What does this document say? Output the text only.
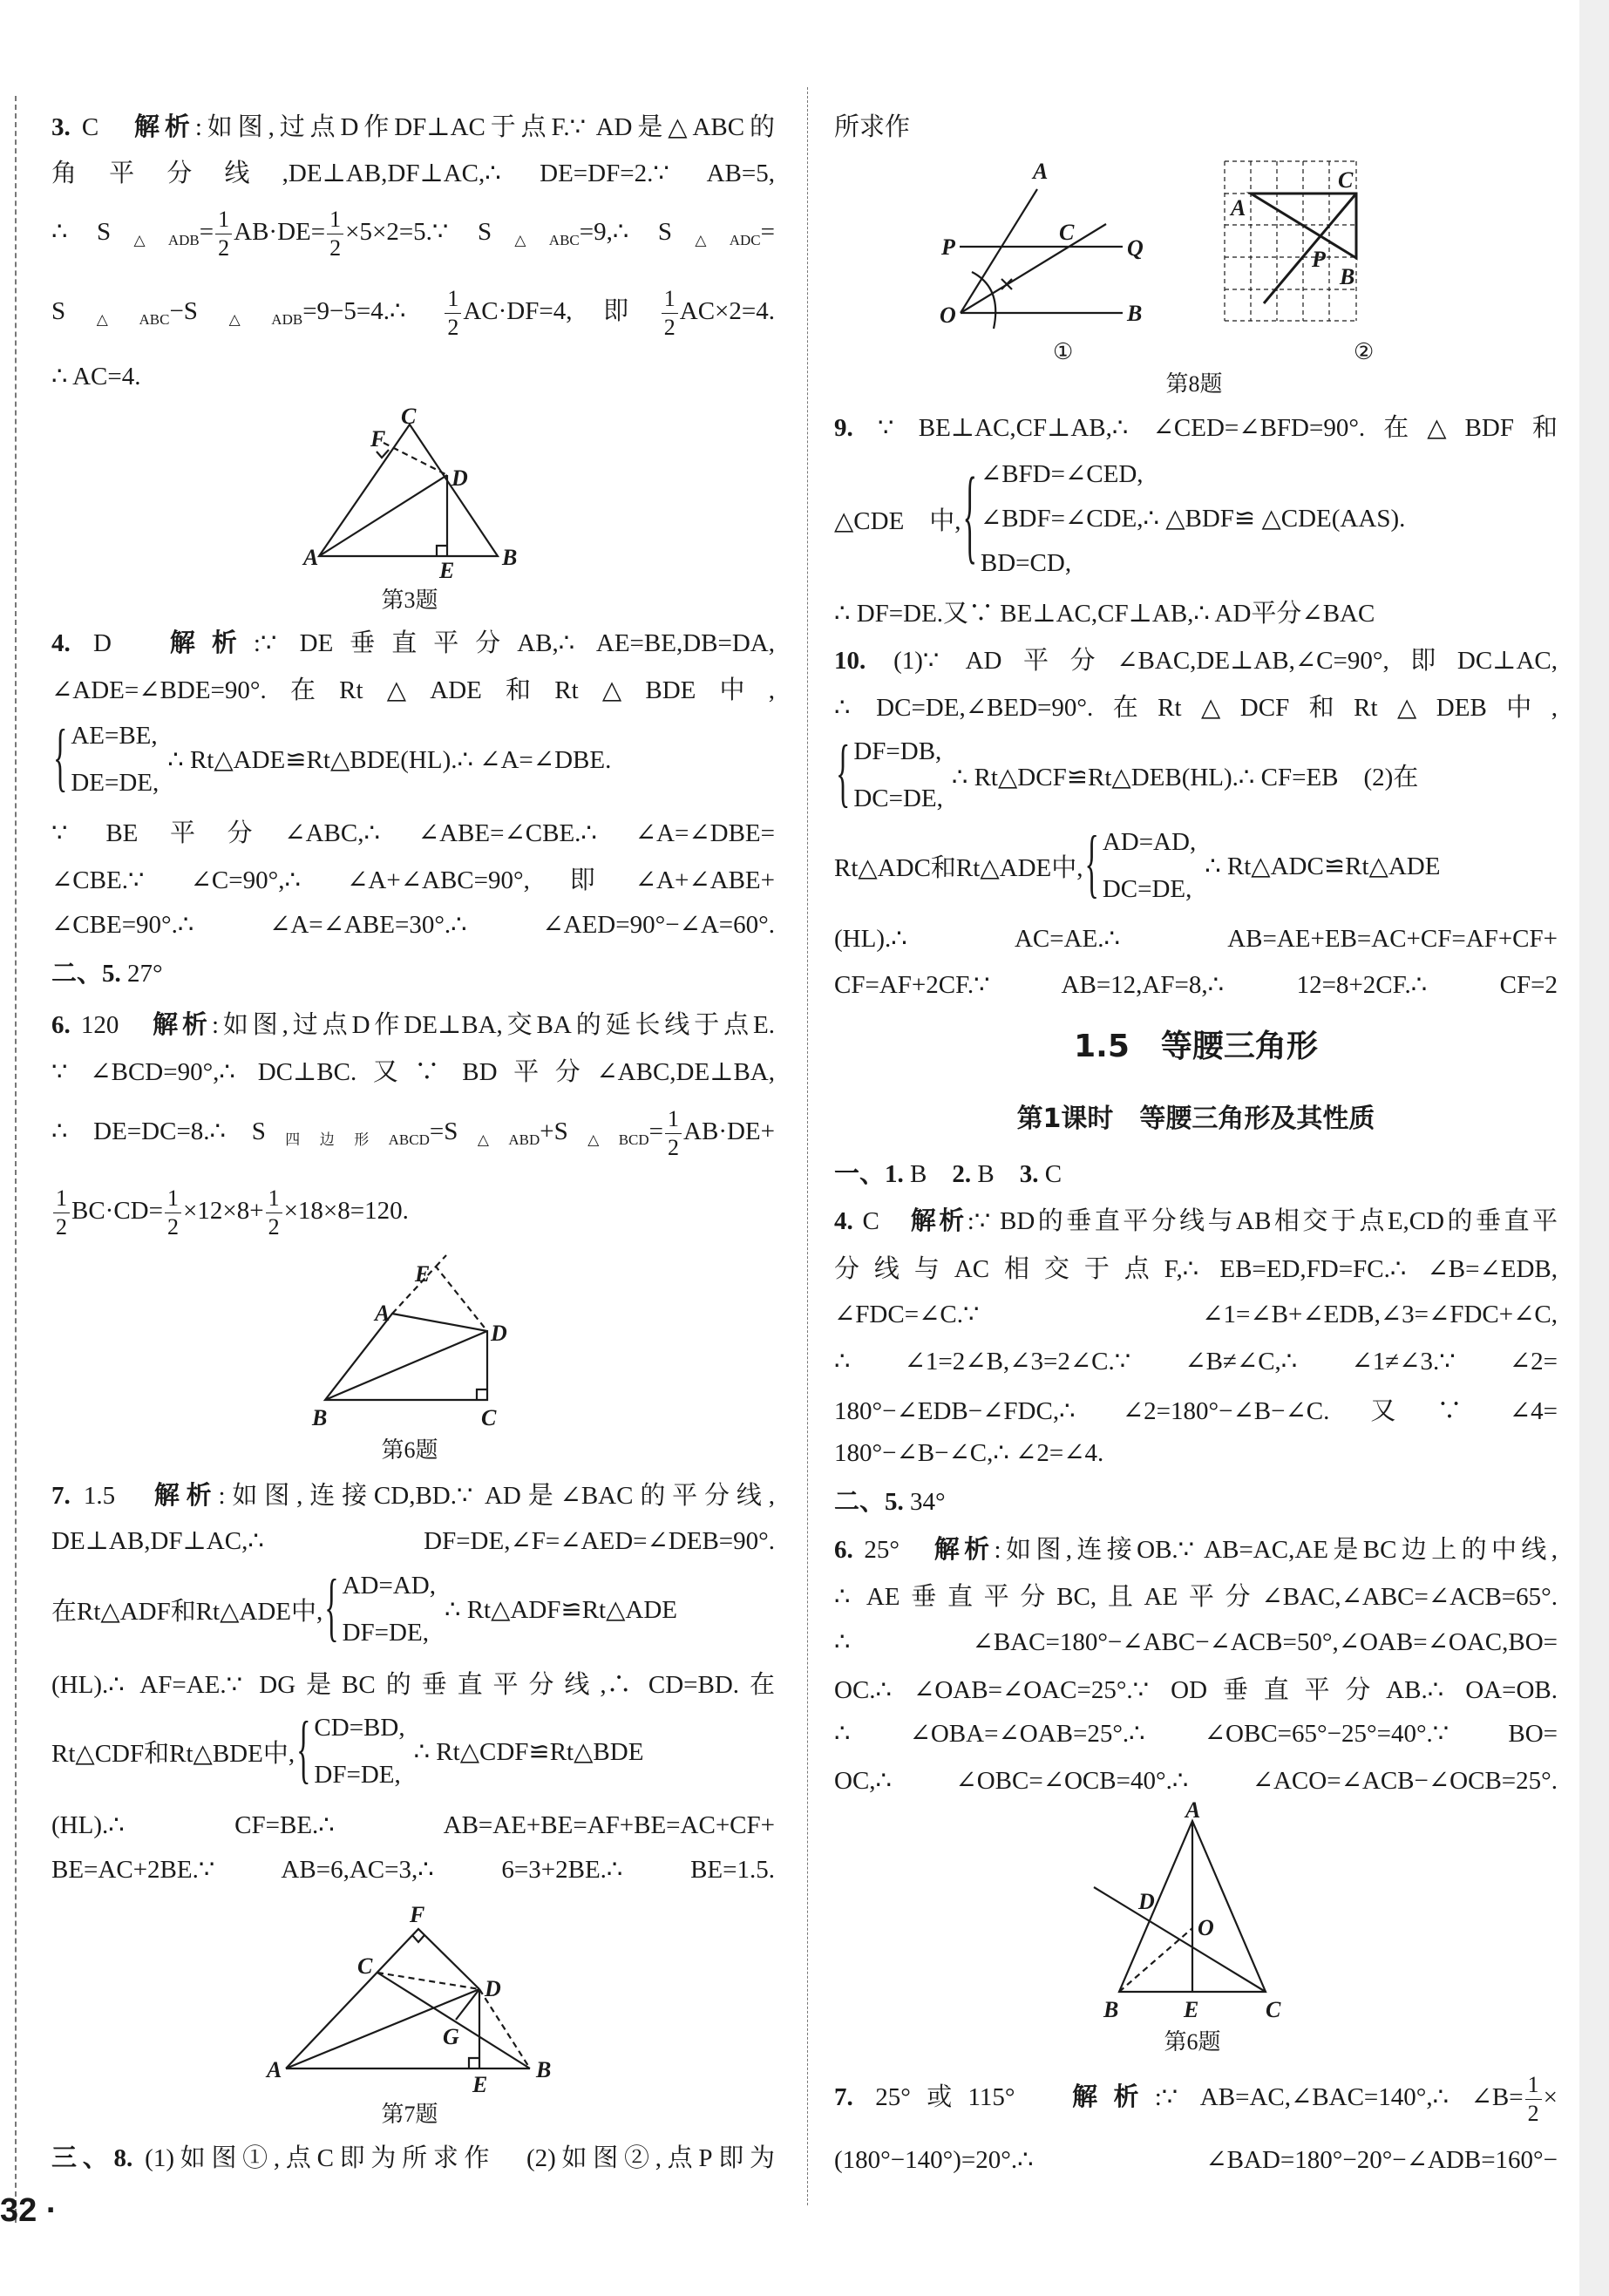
3. C　解析:如图,过点D作DF⊥AC于点F.∵ AD是△ABC的
角平分线,DE⊥AB,DF⊥AC,∴ DE=DF=2.∵ AB=5,
∴ $S_{\triangle ADB}= \frac{1}{2} AB\cdot DE= \frac{1}{2}$ ×5×2=5.∵ $S_{\triangle ABC}=9,\therefore$ $S_{\triangle ADC}=$
$S_{\triangle ABC}-S_{\triangle ADB}=9-5=4.\therefore \frac{1}{2} AC\cdot DF=4$,即 $\frac{1}{2} AC\times 2=4$.
∴ AC=4.
第3题
4. D　解析:∵ DE垂直平分AB,∴ AE=BE,DB=DA,
∠ADE=∠BDE=90°.在Rt△ADE和Rt△BDE中,
{ AE=BE,
DE=DE,
∴ Rt△ADE≌Rt△BDE(HL).∴ ∠A=∠DBE.
∵ BE平分∠ABC,∴ ∠ABE=∠CBE.∴ ∠A=∠DBE=
∠CBE.∵ ∠C=90°,∴ ∠A+∠ABC=90°,即∠A+∠ABE+
∠CBE=90°.∴ ∠A=∠ABE=30°.∴ ∠AED=90°−∠A=60°.
二、5. 27°
6. 120　解析:如图,过点D作DE⊥BA,交BA的延长线于点E.
∵ ∠BCD=90°,∴ DC⊥BC.又∵ BD平分∠ABC,DE⊥BA,
∴ DE=DC=8.∴ $S_{四边形ABCD}=S_{\triangle ABD}+S_{\triangle BCD}= \frac{1}{2} AB\cdot DE+$
$\frac{1}{2} BC\cdot CD= \frac{1}{2} \times 12\times 8+ \frac{1}{2} \times 18\times 8=120$.
第6题
7. 1.5　解析:如图,连接CD,BD.∵ AD是∠BAC的平分线,
DE⊥AB,DF⊥AC,∴ DF=DE,∠F=∠AED=∠DEB=90°.
在Rt△ADF和Rt△ADE中, { AD=AD,
DF=DE,
∴ Rt△ADF≌Rt△ADE
(HL).∴ AF=AE.∵ DG是BC的垂直平分线,∴ CD=BD.在
Rt△CDF和Rt△BDE中, { CD=BD,
DF=DE,
∴ Rt△CDF≌Rt△BDE
(HL).∴ CF=BE.∴ AB=AE+BE=AF+BE=AC+CF+
BE=AC+2BE.∵ AB=6,AC=3,∴ 6=3+2BE.∴ BE=1.5.
第7题
三、8. (1)如图①,点C即为所求作　(2)如图②,点P即为
32 ·
所求作
第8题
9. ∵ BE⊥AC,CF⊥AB,∴ ∠CED=∠BFD=90°.在△BDF和
△CDE　中, { ∠BFD=∠CED,
∠BDF=∠CDE,∴ △BDF≌ △CDE(AAS).
BD=CD,
∴ DF=DE.又∵ BE⊥AC,CF⊥AB,∴ AD平分∠BAC
10. (1)∵ AD平分∠BAC,DE⊥AB,∠C=90°,即DC⊥AC,
∴ DC=DE,∠BED=90°.在Rt△DCF和Rt△DEB中,
{ DF=DB,
DC=DE,
∴ Rt△DCF≌Rt△DEB(HL).∴ CF=EB　(2)在
Rt△ADC和Rt△ADE中, { AD=AD,
DC=DE,
∴ Rt△ADC≌Rt△ADE
(HL).∴ AC=AE.∴ AB=AE+EB=AC+CF=AF+CF+
CF=AF+2CF.∵ AB=12,AF=8,∴ 12=8+2CF.∴ CF=2
1.5　等腰三角形
第1课时　等腰三角形及其性质
一、1. B　2. B　3. C
4. C　解析:∵ BD的垂直平分线与AB相交于点E,CD的垂直平
分线与AC相交于点F,∴ EB=ED,FD=FC.∴ ∠B=∠EDB,
∠FDC=∠C.∵ ∠1=∠B+∠EDB,∠3=∠FDC+∠C,
∴ ∠1=2∠B,∠3=2∠C.∵ ∠B≠∠C,∴ ∠1≠∠3.∵ ∠2=
180°−∠EDB−∠FDC,∴ ∠2=180°−∠B−∠C.又∵ ∠4=
180°−∠B−∠C,∴ ∠2=∠4.
二、5. 34°
6. 25°　解析:如图,连接OB.∵ AB=AC,AE是BC边上的中线,
∴ AE垂直平分BC,且AE平分∠BAC,∠ABC=∠ACB=65°.
∴ ∠BAC=180°−∠ABC−∠ACB=50°,∠OAB=∠OAC,BO=
OC.∴ ∠OAB=∠OAC=25°.∵ OD垂直平分AB.∴ OA=OB.
∴ ∠OBA=∠OAB=25°.∴ ∠OBC=65°−25°=40°.∵ BO=
OC,∴ ∠OBC=∠OCB=40°.∴ ∠ACO=∠ACB−∠OCB=25°.
第6题
7. 25°或115°　解析:∵ AB=AC,∠BAC=140°,∴ ∠B= $\frac{1}{2}$ ×
(180°−140°)=20°.∴ ∠BAD=180°−20°−∠ADB=160°−
C
F
D
A
E
B
E
A
D
B	C
F
C
D
G
A
E
B
A
C
P	Q
O	B
A
C
P
B
①	②
A
D
O
B	E	C
